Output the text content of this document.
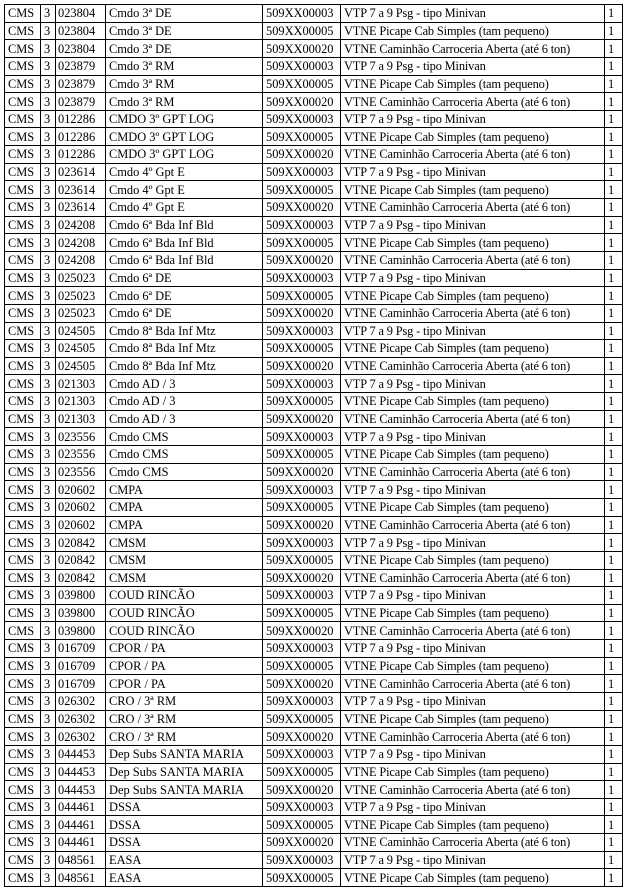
CMS	3	023804	Cmdo 3ª DE	509XX00003	VTP 7 a 9 Psg - tipo Minivan	1
CMS	3	023804	Cmdo 3ª DE	509XX00005	VTNE Picape Cab Simples (tam pequeno)	1
CMS	3	023804	Cmdo 3ª DE	509XX00020	VTNE Caminhão Carroceria Aberta (até 6 ton)	1
CMS	3	023879	Cmdo 3ª RM	509XX00003	VTP 7 a 9 Psg - tipo Minivan	1
CMS	3	023879	Cmdo 3ª RM	509XX00005	VTNE Picape Cab Simples (tam pequeno)	1
CMS	3	023879	Cmdo 3ª RM	509XX00020	VTNE Caminhão Carroceria Aberta (até 6 ton)	1
CMS	3	012286	CMDO 3º GPT LOG	509XX00003	VTP 7 a 9 Psg - tipo Minivan	1
CMS	3	012286	CMDO 3º GPT LOG	509XX00005	VTNE Picape Cab Simples (tam pequeno)	1
CMS	3	012286	CMDO 3º GPT LOG	509XX00020	VTNE Caminhão Carroceria Aberta (até 6 ton)	1
CMS	3	023614	Cmdo 4º Gpt E	509XX00003	VTP 7 a 9 Psg - tipo Minivan	1
CMS	3	023614	Cmdo 4º Gpt E	509XX00005	VTNE Picape Cab Simples (tam pequeno)	1
CMS	3	023614	Cmdo 4º Gpt E	509XX00020	VTNE Caminhão Carroceria Aberta (até 6 ton)	1
CMS	3	024208	Cmdo 6ª Bda Inf Bld	509XX00003	VTP 7 a 9 Psg - tipo Minivan	1
CMS	3	024208	Cmdo 6ª Bda Inf Bld	509XX00005	VTNE Picape Cab Simples (tam pequeno)	1
CMS	3	024208	Cmdo 6ª Bda Inf Bld	509XX00020	VTNE Caminhão Carroceria Aberta (até 6 ton)	1
CMS	3	025023	Cmdo 6ª DE	509XX00003	VTP 7 a 9 Psg - tipo Minivan	1
CMS	3	025023	Cmdo 6ª DE	509XX00005	VTNE Picape Cab Simples (tam pequeno)	1
CMS	3	025023	Cmdo 6ª DE	509XX00020	VTNE Caminhão Carroceria Aberta (até 6 ton)	1
CMS	3	024505	Cmdo 8ª Bda Inf Mtz	509XX00003	VTP 7 a 9 Psg - tipo Minivan	1
CMS	3	024505	Cmdo 8ª Bda Inf Mtz	509XX00005	VTNE Picape Cab Simples (tam pequeno)	1
CMS	3	024505	Cmdo 8ª Bda Inf Mtz	509XX00020	VTNE Caminhão Carroceria Aberta (até 6 ton)	1
CMS	3	021303	Cmdo AD / 3	509XX00003	VTP 7 a 9 Psg - tipo Minivan	1
CMS	3	021303	Cmdo AD / 3	509XX00005	VTNE Picape Cab Simples (tam pequeno)	1
CMS	3	021303	Cmdo AD / 3	509XX00020	VTNE Caminhão Carroceria Aberta (até 6 ton)	1
CMS	3	023556	Cmdo CMS	509XX00003	VTP 7 a 9 Psg - tipo Minivan	1
CMS	3	023556	Cmdo CMS	509XX00005	VTNE Picape Cab Simples (tam pequeno)	1
CMS	3	023556	Cmdo CMS	509XX00020	VTNE Caminhão Carroceria Aberta (até 6 ton)	1
CMS	3	020602	CMPA	509XX00003	VTP 7 a 9 Psg - tipo Minivan	1
CMS	3	020602	CMPA	509XX00005	VTNE Picape Cab Simples (tam pequeno)	1
CMS	3	020602	CMPA	509XX00020	VTNE Caminhão Carroceria Aberta (até 6 ton)	1
CMS	3	020842	CMSM	509XX00003	VTP 7 a 9 Psg - tipo Minivan	1
CMS	3	020842	CMSM	509XX00005	VTNE Picape Cab Simples (tam pequeno)	1
CMS	3	020842	CMSM	509XX00020	VTNE Caminhão Carroceria Aberta (até 6 ton)	1
CMS	3	039800	COUD RINCÃO	509XX00003	VTP 7 a 9 Psg - tipo Minivan	1
CMS	3	039800	COUD RINCÃO	509XX00005	VTNE Picape Cab Simples (tam pequeno)	1
CMS	3	039800	COUD RINCÃO	509XX00020	VTNE Caminhão Carroceria Aberta (até 6 ton)	1
CMS	3	016709	CPOR / PA	509XX00003	VTP 7 a 9 Psg - tipo Minivan	1
CMS	3	016709	CPOR / PA	509XX00005	VTNE Picape Cab Simples (tam pequeno)	1
CMS	3	016709	CPOR / PA	509XX00020	VTNE Caminhão Carroceria Aberta (até 6 ton)	1
CMS	3	026302	CRO / 3ª RM	509XX00003	VTP 7 a 9 Psg - tipo Minivan	1
CMS	3	026302	CRO / 3ª RM	509XX00005	VTNE Picape Cab Simples (tam pequeno)	1
CMS	3	026302	CRO / 3ª RM	509XX00020	VTNE Caminhão Carroceria Aberta (até 6 ton)	1
CMS	3	044453	Dep Subs SANTA MARIA	509XX00003	VTP 7 a 9 Psg - tipo Minivan	1
CMS	3	044453	Dep Subs SANTA MARIA	509XX00005	VTNE Picape Cab Simples (tam pequeno)	1
CMS	3	044453	Dep Subs SANTA MARIA	509XX00020	VTNE Caminhão Carroceria Aberta (até 6 ton)	1
CMS	3	044461	DSSA	509XX00003	VTP 7 a 9 Psg - tipo Minivan	1
CMS	3	044461	DSSA	509XX00005	VTNE Picape Cab Simples (tam pequeno)	1
CMS	3	044461	DSSA	509XX00020	VTNE Caminhão Carroceria Aberta (até 6 ton)	1
CMS	3	048561	EASA	509XX00003	VTP 7 a 9 Psg - tipo Minivan	1
CMS	3	048561	EASA	509XX00005	VTNE Picape Cab Simples (tam pequeno)	1
